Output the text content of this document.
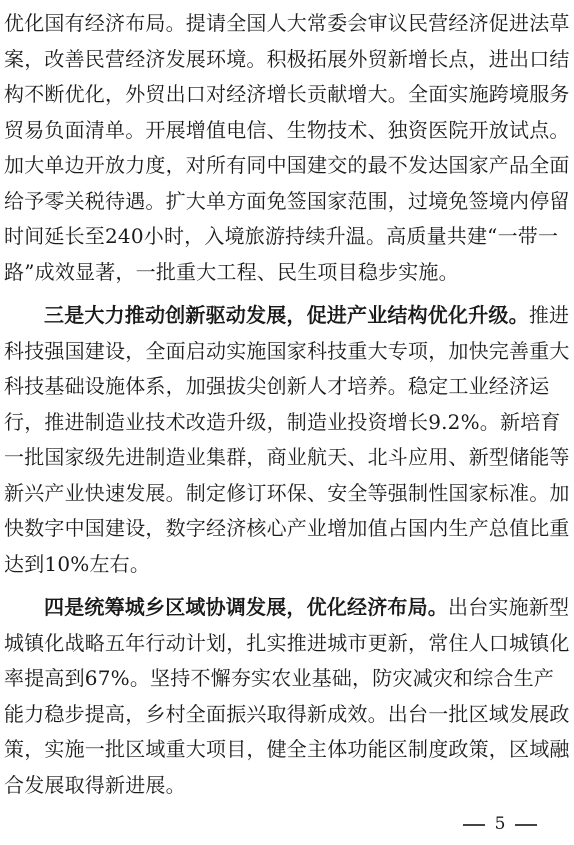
优化国有经济布局。提请全国人大常委会审议民营经济促进法草
案，改善民营经济发展环境。积极拓展外贸新增长点，进出口结
构不断优化，外贸出口对经济增长贡献增大。全面实施跨境服务
贸易负面清单。开展增值电信、生物技术、独资医院开放试点。
加大单边开放力度，对所有同中国建交的最不发达国家产品全面
给予零关税待遇。扩大单方面免签国家范围，过境免签境内停留
时间延长至240小时，入境旅游持续升温。高质量共建“一带一
路”成效显著，一批重大工程、民生项目稳步实施。
三是大力推动创新驱动发展，促进产业结构优化升级。推进
科技强国建设，全面启动实施国家科技重大专项，加快完善重大
科技基础设施体系，加强拔尖创新人才培养。稳定工业经济运
行，推进制造业技术改造升级，制造业投资增长9.2%。新培育
一批国家级先进制造业集群，商业航天、北斗应用、新型储能等
新兴产业快速发展。制定修订环保、安全等强制性国家标准。加
快数字中国建设，数字经济核心产业增加值占国内生产总值比重
达到10%左右。
四是统筹城乡区域协调发展，优化经济布局。出台实施新型
城镇化战略五年行动计划，扎实推进城市更新，常住人口城镇化
率提高到67%。坚持不懈夯实农业基础，防灾减灾和综合生产
能力稳步提高，乡村全面振兴取得新成效。出台一批区域发展政
策，实施一批区域重大项目，健全主体功能区制度政策，区域融
合发展取得新进展。
5
